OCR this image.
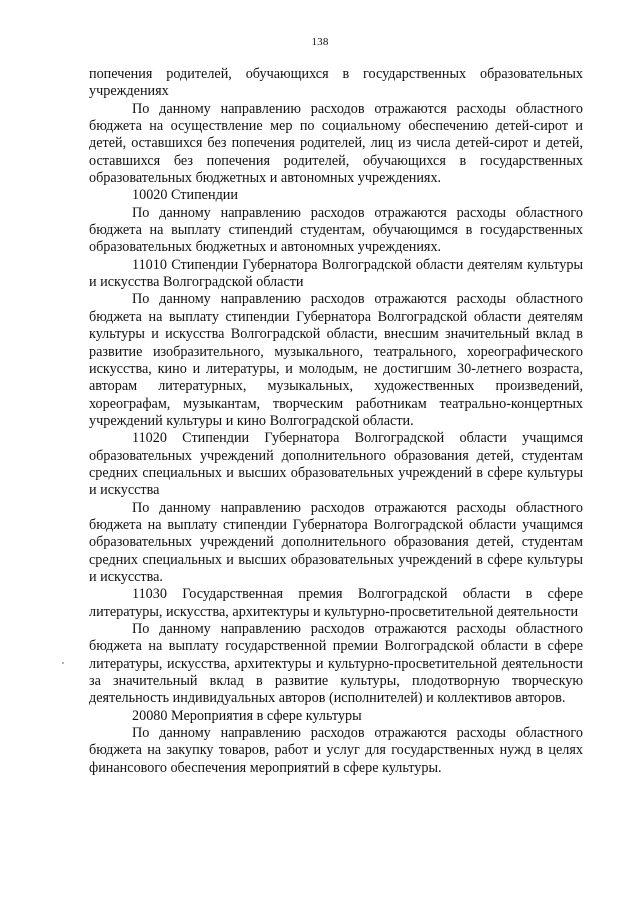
138

попечения родителей, обучающихся в государственных образовательных учреждениях

По данному направлению расходов отражаются расходы областного бюджета на осуществление мер по социальному обеспечению детей-сирот и детей, оставшихся без попечения родителей, лиц из числа детей-сирот и детей, оставшихся без попечения родителей, обучающихся в государственных образовательных бюджетных и автономных учреждениях.

10020 Стипендии

По данному направлению расходов отражаются расходы областного бюджета на выплату стипендий студентам, обучающимся в государственных образовательных бюджетных и автономных учреждениях.

11010 Стипендии Губернатора Волгоградской области деятелям культуры и искусства Волгоградской области

По данному направлению расходов отражаются расходы областного бюджета на выплату стипендии Губернатора Волгоградской области деятелям культуры и искусства Волгоградской области, внесшим значительный вклад в развитие изобразительного, музыкального, театрального, хореографического искусства, кино и литературы, и молодым, не достигшим 30-летнего возраста, авторам литературных, музыкальных, художественных произведений, хореографам, музыкантам, творческим работникам театрально-концертных учреждений культуры и кино Волгоградской области.

11020 Стипендии Губернатора Волгоградской области учащимся образовательных учреждений дополнительного образования детей, студентам средних специальных и высших образовательных учреждений в сфере культуры и искусства

По данному направлению расходов отражаются расходы областного бюджета на выплату стипендии Губернатора Волгоградской области учащимся образовательных учреждений дополнительного образования детей, студентам средних специальных и высших образовательных учреждений в сфере культуры и искусства.

11030 Государственная премия Волгоградской области в сфере литературы, искусства, архитектуры и культурно-просветительной деятельности

По данному направлению расходов отражаются расходы областного бюджета на выплату государственной премии Волгоградской области в сфере литературы, искусства, архитектуры и культурно-просветительной деятельности за значительный вклад в развитие культуры, плодотворную творческую деятельность индивидуальных авторов (исполнителей) и коллективов авторов.

20080 Мероприятия в сфере культуры

По данному направлению расходов отражаются расходы областного бюджета на закупку товаров, работ и услуг для государственных нужд в целях финансового обеспечения мероприятий в сфере культуры.
